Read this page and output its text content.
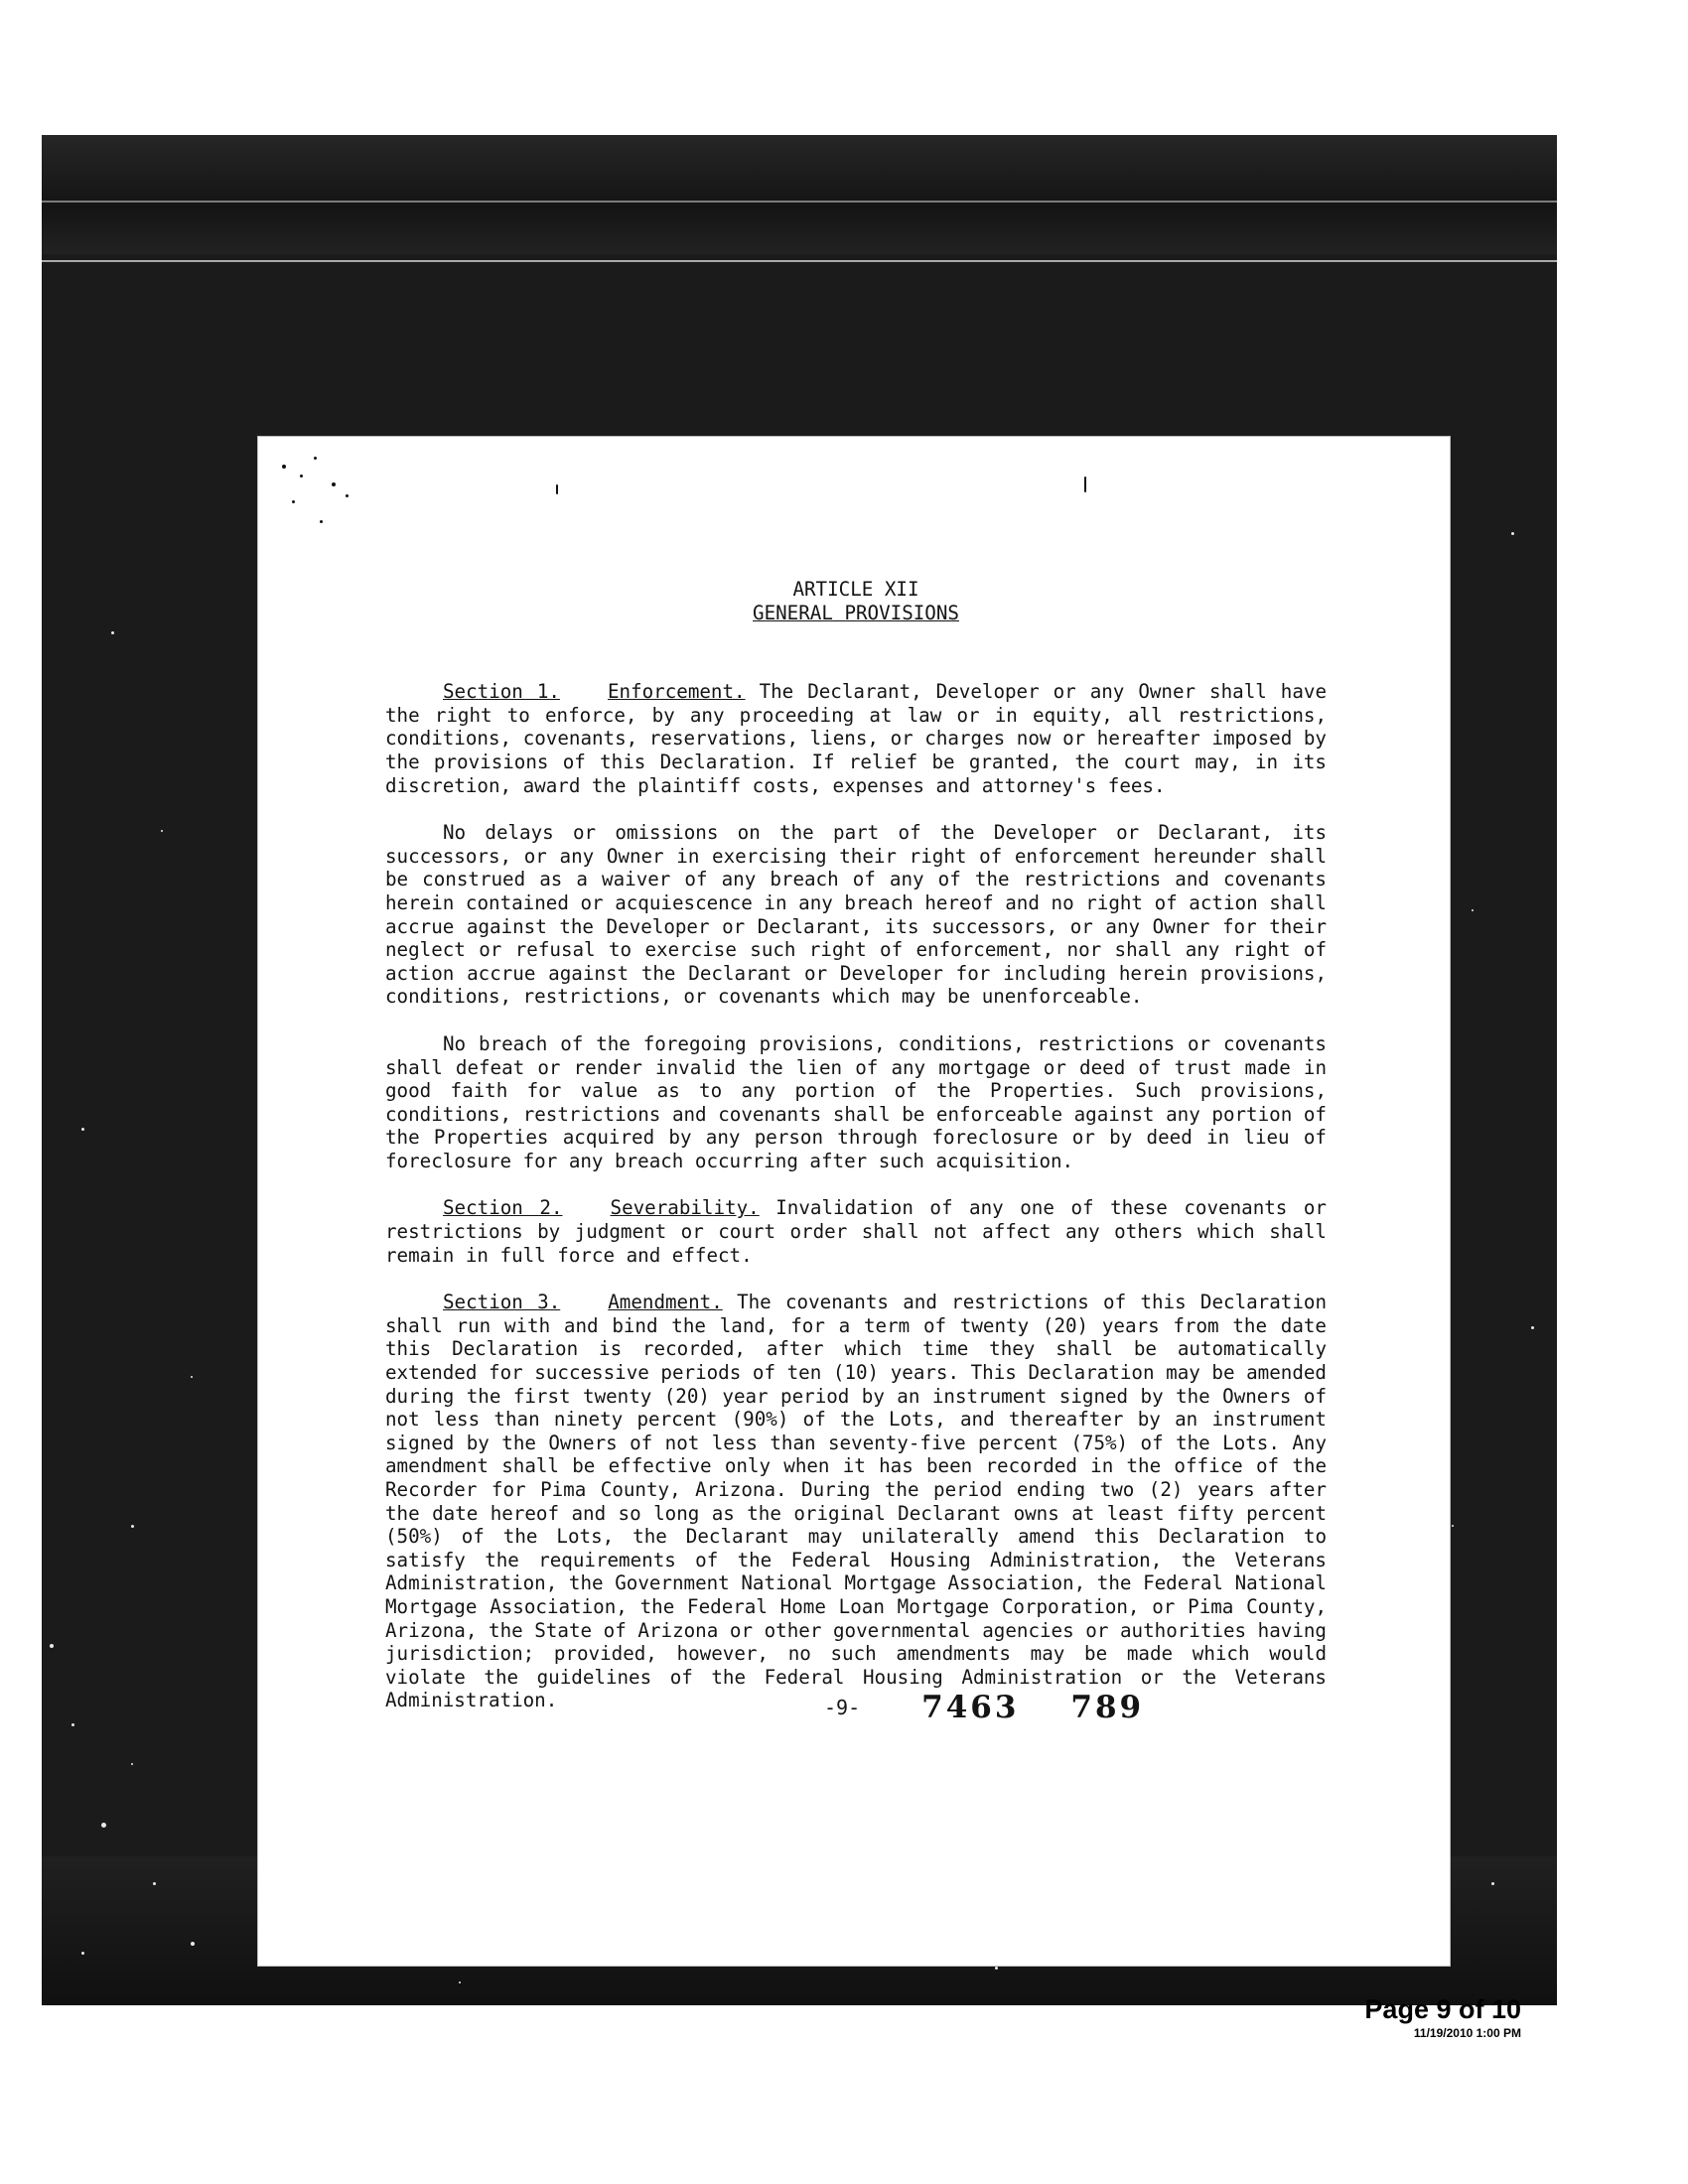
ARTICLE XII
GENERAL PROVISIONS

Section 1.	Enforcement. The Declarant, Developer or any Owner shall have the right to enforce, by any proceeding at law or in equity, all restrictions, conditions, covenants, reservations, liens, or charges now or hereafter imposed by the provisions of this Declaration. If relief be granted, the court may, in its discretion, award the plaintiff costs, expenses and attorney's fees.

No delays or omissions on the part of the Developer or Declarant, its successors, or any Owner in exercising their right of enforcement hereunder shall be construed as a waiver of any breach of any of the restrictions and covenants herein contained or acquiescence in any breach hereof and no right of action shall accrue against the Developer or Declarant, its successors, or any Owner for their neglect or refusal to exercise such right of enforcement, nor shall any right of action accrue against the Declarant or Developer for including herein provisions, conditions, restrictions, or covenants which may be unenforceable.

No breach of the foregoing provisions, conditions, restrictions or covenants shall defeat or render invalid the lien of any mortgage or deed of trust made in good faith for value as to any portion of the Properties. Such provisions, conditions, restrictions and covenants shall be enforceable against any portion of the Properties acquired by any person through foreclosure or by deed in lieu of foreclosure for any breach occurring after such acquisition.

Section 2.	Severability. Invalidation of any one of these covenants or restrictions by judgment or court order shall not affect any others which shall remain in full force and effect.

Section 3.	Amendment. The covenants and restrictions of this Declaration shall run with and bind the land, for a term of twenty (20) years from the date this Declaration is recorded, after which time they shall be automatically extended for successive periods of ten (10) years. This Declaration may be amended during the first twenty (20) year period by an instrument signed by the Owners of not less than ninety percent (90%) of the Lots, and thereafter by an instrument signed by the Owners of not less than seventy-five percent (75%) of the Lots. Any amendment shall be effective only when it has been recorded in the office of the Recorder for Pima County, Arizona. During the period ending two (2) years after the date hereof and so long as the original Declarant owns at least fifty percent (50%) of the Lots, the Declarant may unilaterally amend this Declaration to satisfy the requirements of the Federal Housing Administration, the Veterans Administration, the Government National Mortgage Association, the Federal National Mortgage Association, the Federal Home Loan Mortgage Corporation, or Pima County, Arizona, the State of Arizona or other governmental agencies or authorities having jurisdiction; provided, however, no such amendments may be made which would violate the guidelines of the Federal Housing Administration or the Veterans Administration.	-9- 7463 789
Page 9 of 10
11/19/2010 1:00 PM
